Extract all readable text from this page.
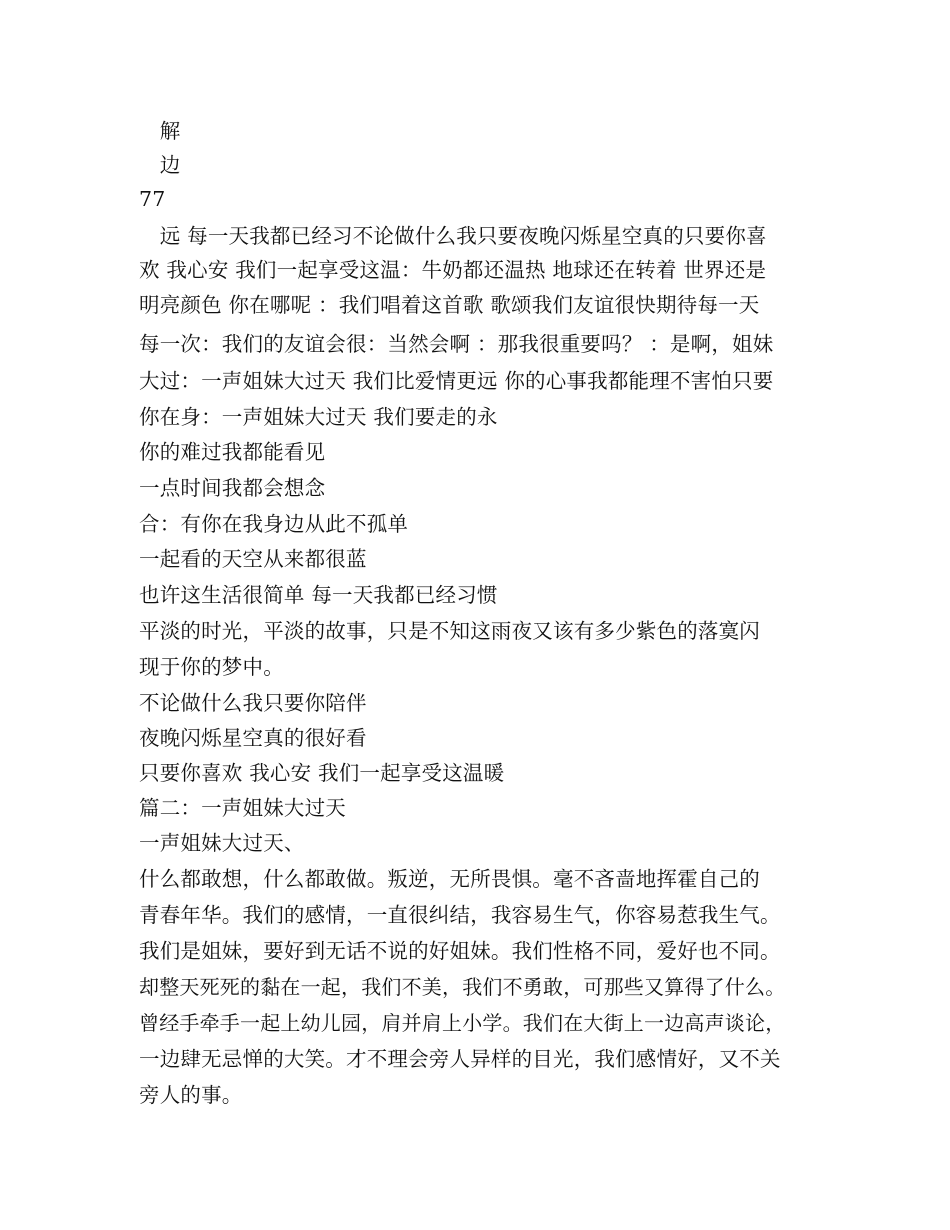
　解
　边
77
　远 每一天我都已经习不论做什么我只要夜晚闪烁星空真的只要你喜
欢 我心安 我们一起享受这温：牛奶都还温热 地球还在转着 世界还是
明亮颜色 你在哪呢 ：我们唱着这首歌 歌颂我们友谊很快期待每一天
每一次：我们的友谊会很：当然会啊 ：那我很重要吗？ ：是啊，姐妹
大过：一声姐妹大过天 我们比爱情更远 你的心事我都能理不害怕只要
你在身：一声姐妹大过天 我们要走的永
你的难过我都能看见
一点时间我都会想念
合：有你在我身边从此不孤单
一起看的天空从来都很蓝
也许这生活很简单 每一天我都已经习惯
平淡的时光，平淡的故事，只是不知这雨夜又该有多少紫色的落寞闪
现于你的梦中。
不论做什么我只要你陪伴
夜晚闪烁星空真的很好看
只要你喜欢 我心安 我们一起享受这温暖
篇二：一声姐妹大过天
一声姐妹大过天、
什么都敢想，什么都敢做。叛逆，无所畏惧。毫不吝啬地挥霍自己的
青春年华。我们的感情，一直很纠结，我容易生气，你容易惹我生气。
我们是姐妹，要好到无话不说的好姐妹。我们性格不同，爱好也不同。
却整天死死的黏在一起，我们不美，我们不勇敢，可那些又算得了什么。
曾经手牵手一起上幼儿园，肩并肩上小学。我们在大街上一边高声谈论，
一边肆无忌惮的大笑。才不理会旁人异样的目光，我们感情好，又不关
旁人的事。
